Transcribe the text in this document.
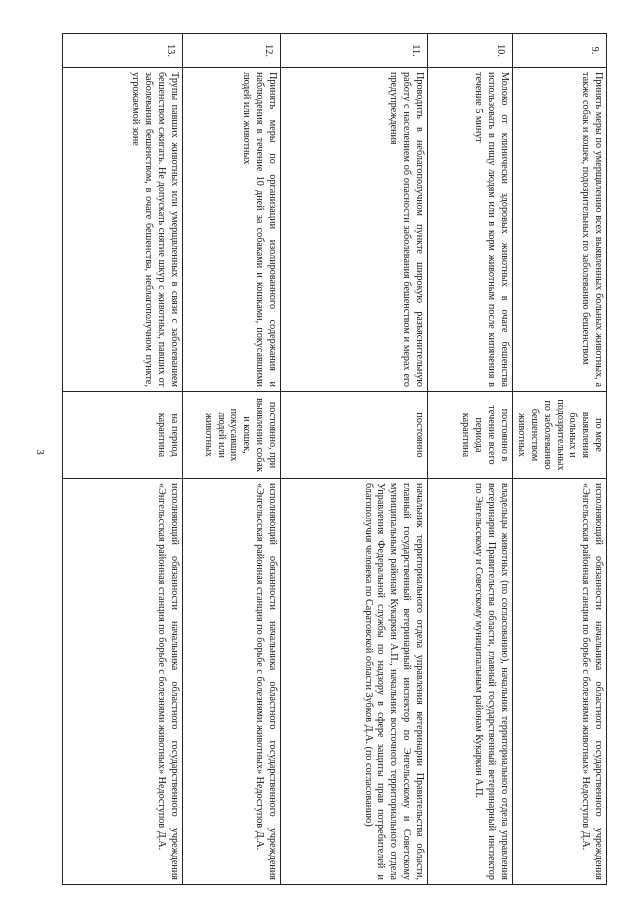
3
9.	Принять меры по умерщвлению всех выявленных больных животных, а также собак и кошек, подозрительных по заболеванию бешенством	по мере выявления больных и подозрительных по заболеванию бешенством животных	исполняющий обязанности начальника областного государственного учреждения «Энгельсская районная станция по борьбе с болезнями животных» Недоступов Д.А.
10.	Молоко от клинически здоровых животных в очаге бешенства использовать в пищу людям или в корм животным после кипячения в течение 5 минут	постоянно в течение всего периода карантина	владельцы животных (по согласованию), начальник территориального отдела управления ветеринарии Правительства области, главный государственный ветеринарный инспектор по Энгельсскому и Советскому муниципальным районам Кукаркин А.П.
11.	Проводить в неблагополучном пункте широкую разъяснительную работу с населением об опасности заболевания бешенством и мерах его предупреждения	постоянно	начальник территориального отдела управления ветеринарии Правительства области, главный государственный ветеринарный инспектор по Энгельсскому и Советскому муниципальным районам Кукаркин А.П., начальник восточного территориального отдела Управления Федеральной службы по надзору в сфере защиты прав потребителей и благополучия человека по Саратовской области Зубков Д.А. (по согласованию)
12.	Принять меры по организации изолированного содержания и наблюдения в течение 10 дней за собаками и кошками, покусавшими людей или животных	постоянно, при выявлении собак и кошек, покусавших людей или животных	исполняющий обязанности начальника областного государственного учреждения «Энгельсская районная станция по борьбе с болезнями животных» Недоступов Д.А.
13.	Трупы павших животных или умерщвленных в связи с заболеванием бешенством сжигать. Не допускать снятие шкур с животных, павших от заболевания бешенством, в очаге бешенства, неблагополучном пункте, угрожаемой зоне	на период карантина	исполняющий обязанности начальника областного государственного учреждения «Энгельсская районная станция по борьбе с болезнями животных» Недоступов Д.А.
